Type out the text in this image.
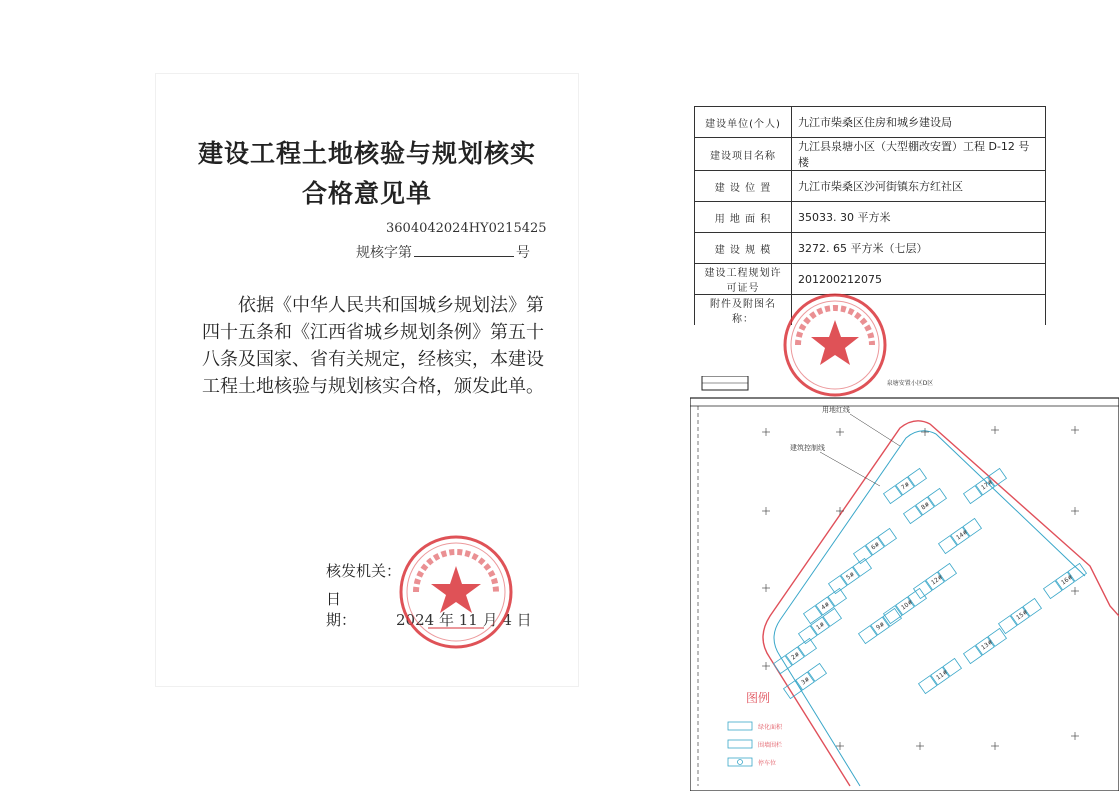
建设工程土地核验与规划核实
合格意见单
3604042024HY0215425
规核字第	号
依据《中华人民共和国城乡规划法》第四十五条和《江西省城乡规划条例》第五十八条及国家、省有关规定，经核实，本建设工程土地核验与规划核实合格，颁发此单。
核发机关：
日　　期：	2024 年 11 月 4 日
建设单位(个人)	九江市柴桑区住房和城乡建设局
建设项目名称	九江县泉塘小区（大型棚改安置）工程 D-12 号楼
建 设 位 置	九江市柴桑区沙河街镇东方红社区
用 地 面 积	35033. 30 平方米
建 设 规 模	3272. 65 平方米（七层）
建设工程规划许可证号	2012002120​75
附件及附图名称：	
泉塘安置小区D区
1#
2#
3#
4#
5#
6#
7#
8#
9#
10#
11#
12#
13#
14#
15#
16#
17#
用地红线
建筑控制线
图例
绿化面积
围墙围栏
停车位
